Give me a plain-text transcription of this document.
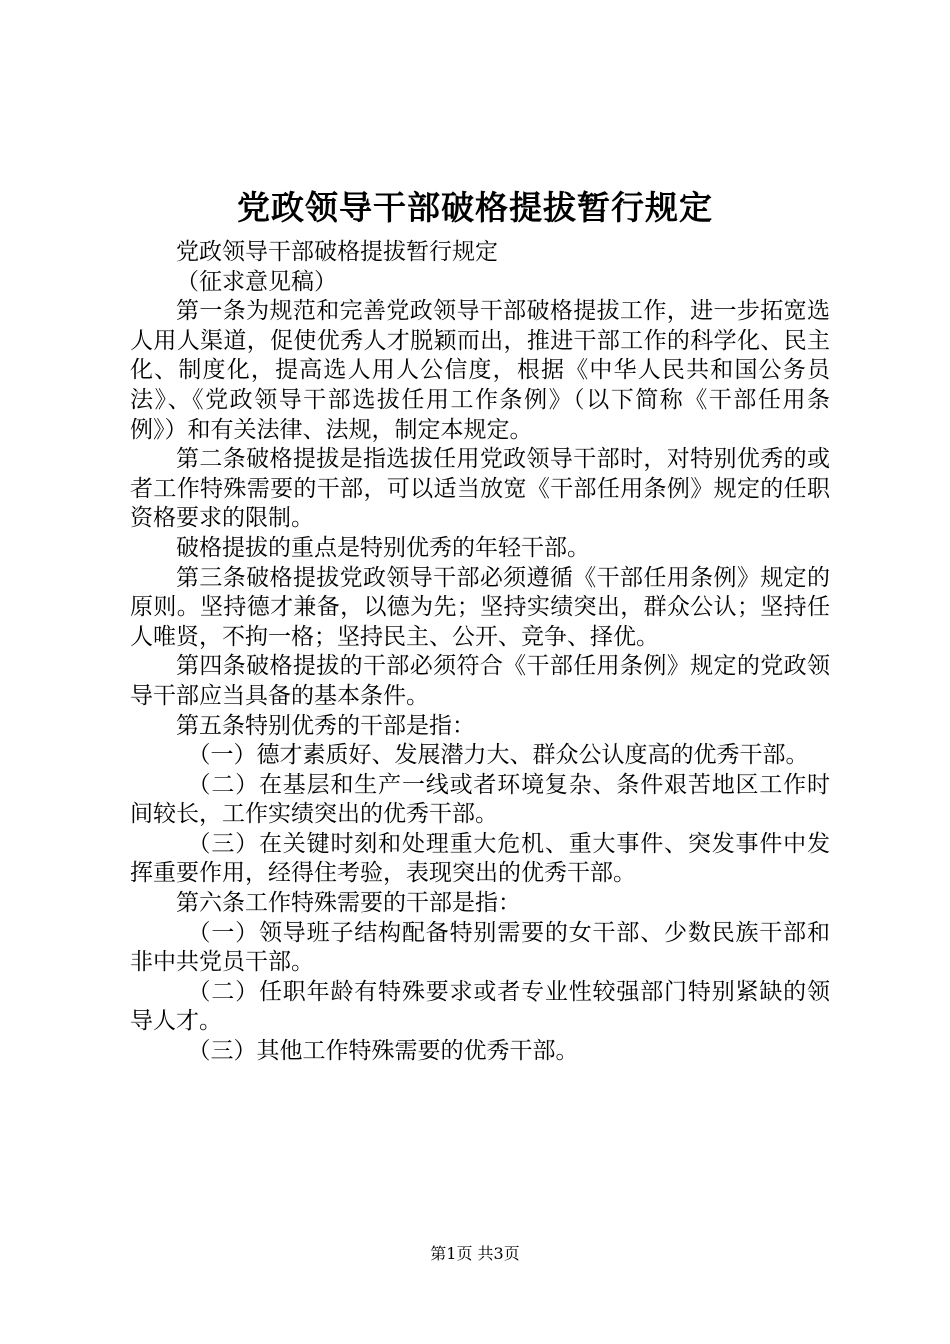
党政领导干部破格提拔暂行规定

党政领导干部破格提拔暂行规定

（征求意见稿）

第一条为规范和完善党政领导干部破格提拔工作，进一步拓宽选人用人渠道，促使优秀人才脱颖而出，推进干部工作的科学化、民主化、制度化，提高选人用人公信度，根据《中华人民共和国公务员法》、《党政领导干部选拔任用工作条例》（以下简称《干部任用条例》）和有关法律、法规，制定本规定。

第二条破格提拔是指选拔任用党政领导干部时，对特别优秀的或者工作特殊需要的干部，可以适当放宽《干部任用条例》规定的任职资格要求的限制。

破格提拔的重点是特别优秀的年轻干部。

第三条破格提拔党政领导干部必须遵循《干部任用条例》规定的原则。坚持德才兼备，以德为先；坚持实绩突出，群众公认；坚持任人唯贤，不拘一格；坚持民主、公开、竞争、择优。

第四条破格提拔的干部必须符合《干部任用条例》规定的党政领导干部应当具备的基本条件。

第五条特别优秀的干部是指：

（一）德才素质好、发展潜力大、群众公认度高的优秀干部。

（二）在基层和生产一线或者环境复杂、条件艰苦地区工作时间较长，工作实绩突出的优秀干部。

（三）在关键时刻和处理重大危机、重大事件、突发事件中发挥重要作用，经得住考验，表现突出的优秀干部。

第六条工作特殊需要的干部是指：

（一）领导班子结构配备特别需要的女干部、少数民族干部和非中共党员干部。

（二）任职年龄有特殊要求或者专业性较强部门特别紧缺的领导人才。

（三）其他工作特殊需要的优秀干部。

第1页 共3页
